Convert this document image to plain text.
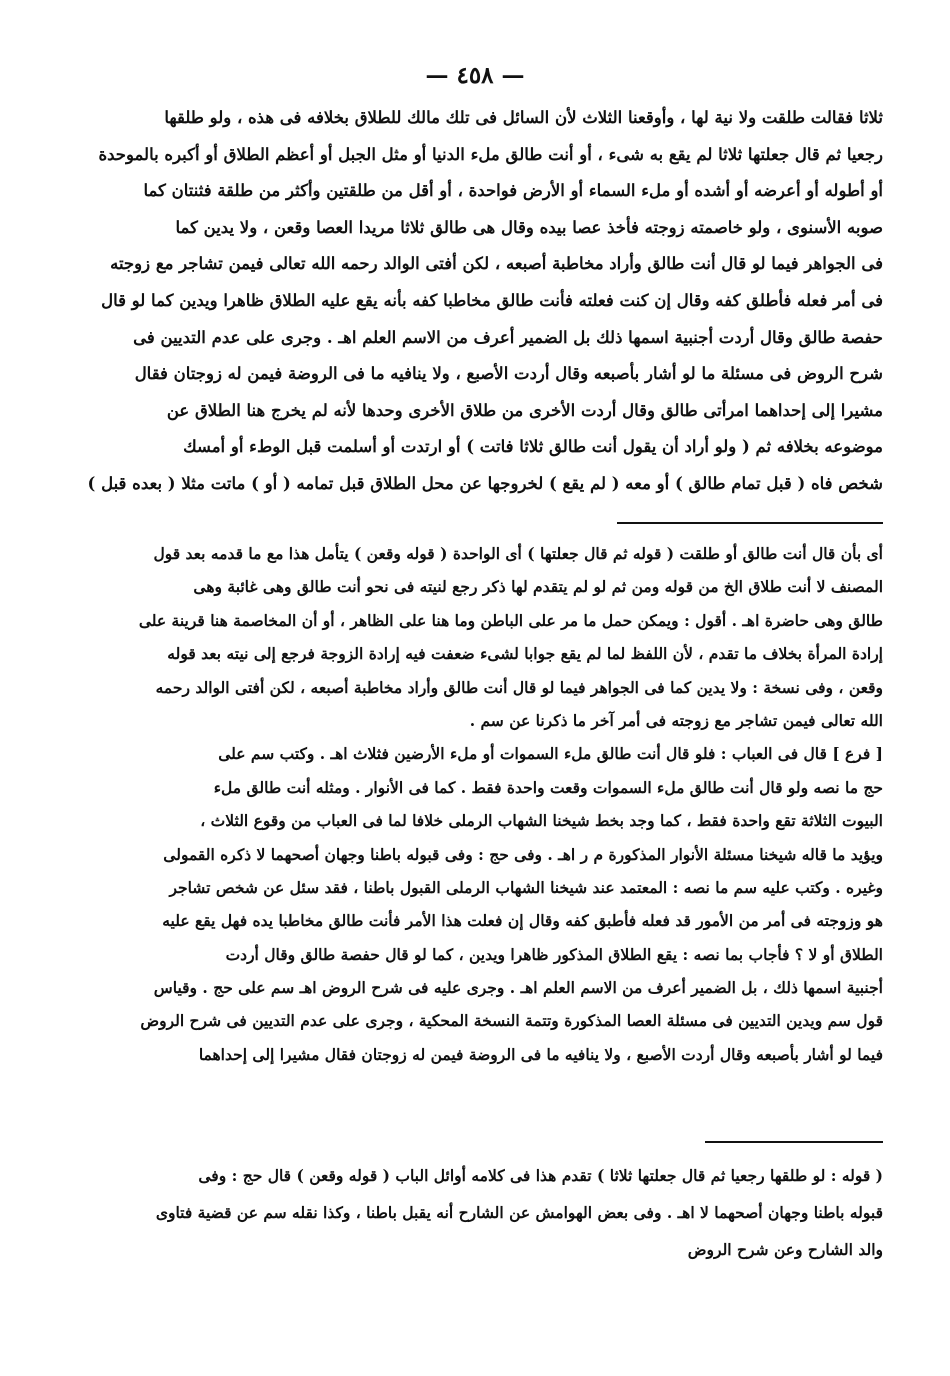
— ٤٥٨ —
ثلاثا فقالت طلقت ولا نية لها ، وأوقعنا الثلاث لأن السائل فى تلك مالك للطلاق بخلافه فى هذه ، ولو طلقها
رجعيا ثم قال جعلتها ثلاثا لم يقع به شىء ، أو أنت طالق ملء الدنيا أو مثل الجبل أو أعظم الطلاق أو أكبره بالموحدة
أو أطوله أو أعرضه أو أشده أو ملء السماء أو الأرض فواحدة ، أو أقل من طلقتين وأكثر من طلقة فثنتان كما
صوبه الأسنوى ، ولو خاصمته زوجته فأخذ عصا بيده وقال هى طالق ثلاثا مريدا العصا وقعن ، ولا يدين كما
فى الجواهر فيما لو قال أنت طالق وأراد مخاطبة أصبعه ، لكن أفتى الوالد رحمه الله تعالى فيمن تشاجر مع زوجته
فى أمر فعله فأطلق كفه وقال إن كنت فعلته فأنت طالق مخاطبا كفه بأنه يقع عليه الطلاق ظاهرا ويدين كما لو قال
حفصة طالق وقال أردت أجنبية اسمها ذلك بل الضمير أعرف من الاسم العلم اهـ . وجرى على عدم التديين فى
شرح الروض فى مسئلة ما لو أشار بأصبعه وقال أردت الأصبع ، ولا ينافيه ما فى الروضة فيمن له زوجتان فقال
مشيرا إلى إحداهما امرأتى طالق وقال أردت الأخرى من طلاق الأخرى وحدها لأنه لم يخرج هنا الطلاق عن
موضوعه بخلافه ثم ( ولو أراد أن يقول أنت طالق ثلاثا فاتت ) أو ارتدت أو أسلمت قبل الوطء أو أمسك
شخص فاه ( قبل تمام طالق ) أو معه ( لم يقع ) لخروجها عن محل الطلاق قبل تمامه ( أو ) ماتت مثلا ( بعده قبل )
أى بأن قال أنت طالق أو طلقت ( قوله ثم قال جعلتها ) أى الواحدة ( قوله وقعن ) يتأمل هذا مع ما قدمه بعد قول
المصنف لا أنت طلاق الخ من قوله ومن ثم لو لم يتقدم لها ذكر رجع لنيته فى نحو أنت طالق وهى غائبة وهى
طالق وهى حاضرة اهـ . أقول : ويمكن حمل ما مر على الباطن وما هنا على الظاهر ، أو أن المخاصمة هنا قرينة على
إرادة المرأة بخلاف ما تقدم ، لأن اللفظ لما لم يقع جوابا لشىء ضعفت فيه إرادة الزوجة فرجع إلى نيته بعد قوله
وقعن ، وفى نسخة : ولا يدين كما فى الجواهر فيما لو قال أنت طالق وأراد مخاطبة أصبعه ، لكن أفتى الوالد رحمه
الله تعالى فيمن تشاجر مع زوجته فى أمر آخر ما ذكرنا عن سم .
[ فرع ] قال فى العباب : فلو قال أنت طالق ملء السموات أو ملء الأرضين فثلاث اهـ . وكتب سم على
حج ما نصه ولو قال أنت طالق ملء السموات وقعت واحدة فقط . كما فى الأنوار . ومثله أنت طالق ملء
البيوت الثلاثة تقع واحدة فقط ، كما وجد بخط شيخنا الشهاب الرملى خلافا لما فى العباب من وقوع الثلاث ،
ويؤيد ما قاله شيخنا مسئلة الأنوار المذكورة م ر اهـ . وفى حج : وفى قبوله باطنا وجهان أصحهما لا ذكره القمولى
وغيره . وكتب عليه سم ما نصه : المعتمد عند شيخنا الشهاب الرملى القبول باطنا ، فقد سئل عن شخص تشاجر
هو وزوجته فى أمر من الأمور قد فعله فأطبق كفه وقال إن فعلت هذا الأمر فأنت طالق مخاطبا يده فهل يقع عليه
الطلاق أو لا ؟ فأجاب بما نصه : يقع الطلاق المذكور ظاهرا ويدين ، كما لو قال حفصة طالق وقال أردت
أجنبية اسمها ذلك ، بل الضمير أعرف من الاسم العلم اهـ . وجرى عليه فى شرح الروض اهـ سم على حج . وقياس
قول سم ويدين التديين فى مسئلة العصا المذكورة وتتمة النسخة المحكية ، وجرى على عدم التديين فى شرح الروض
فيما لو أشار بأصبعه وقال أردت الأصبع ، ولا ينافيه ما فى الروضة فيمن له زوجتان فقال مشيرا إلى إحداهما
( قوله : لو طلقها رجعيا ثم قال جعلتها ثلاثا ) تقدم هذا فى كلامه أوائل الباب ( قوله وقعن ) قال حج : وفى
قبوله باطنا وجهان أصحهما لا اهـ . وفى بعض الهوامش عن الشارح أنه يقبل باطنا ، وكذا نقله سم عن قضية فتاوى
والد الشارح وعن شرح الروض
